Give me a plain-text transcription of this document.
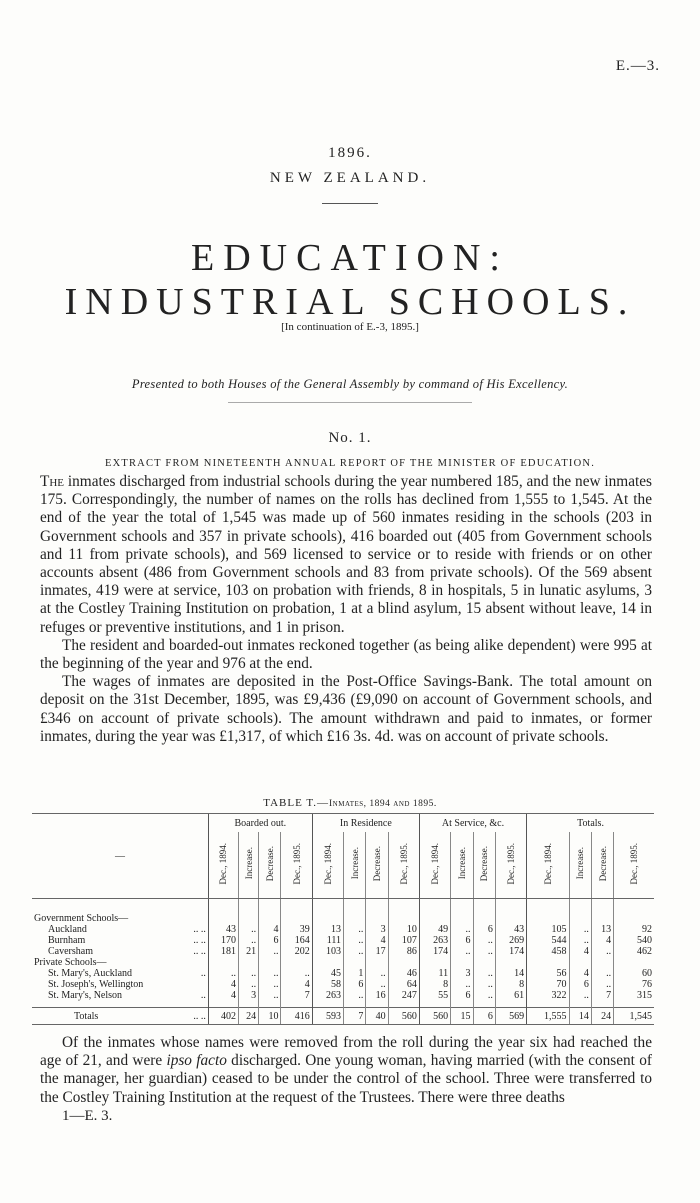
E.—3.
1896.
NEW ZEALAND.
EDUCATION:
INDUSTRIAL SCHOOLS.
[In continuation of E.-3, 1895.]
Presented to both Houses of the General Assembly by command of His Excellency.
No. 1.
EXTRACT FROM NINETEENTH ANNUAL REPORT OF THE MINISTER OF EDUCATION.

The inmates discharged from industrial schools during the year numbered 185, and the new inmates 175. Correspondingly, the number of names on the rolls has declined from 1,555 to 1,545. At the end of the year the total of 1,545 was made up of 560 inmates residing in the schools (203 in Government schools and 357 in private schools), 416 boarded out (405 from Government schools and 11 from private schools), and 569 licensed to service or to reside with friends or on other accounts absent (486 from Government schools and 83 from private schools). Of the 569 absent inmates, 419 were at service, 103 on probation with friends, 8 in hospitals, 5 in lunatic asylums, 3 at the Costley Training Institution on probation, 1 at a blind asylum, 15 absent without leave, 14 in refuges or preventive institutions, and 1 in prison.

The resident and boarded-out inmates reckoned together (as being alike dependent) were 995 at the beginning of the year and 976 at the end.

The wages of inmates are deposited in the Post-Office Savings-Bank. The total amount on deposit on the 31st December, 1895, was £9,436 (£9,090 on account of Government schools, and £346 on account of private schools). The amount withdrawn and paid to inmates, or former inmates, during the year was £1,317, of which £16 3s. 4d. was on account of private schools.

TABLE T.—Inmates, 1894 and 1895.
—	Boarded out.				In Residence				At Service, &c.				Totals.			
	Dec., 1894.	Increase.	Decrease.	Dec., 1895.	Dec., 1894.	Increase.	Decrease.	Dec., 1895.	Dec., 1894.	Increase.	Decrease.	Dec., 1895.	Dec., 1894.	Increase.	Decrease.	Dec., 1895.

Government Schools—																
Auckland .. ..	43	..	4	39	13	..	3	10	49	..	6	43	105	..	13	92
Burnham .. ..	170	..	6	164	111	..	4	107	263	6	..	269	544	..	4	540
Caversham .. ..	181	21	..	202	103	..	17	86	174	..	..	174	458	4	..	462
Private Schools—																
St. Mary's, Auckland ..	..	..	..	..	45	1	..	46	11	3	..	14	56	4	..	60
St. Joseph's, Wellington	4	..	..	4	58	6	..	64	8	..	..	8	70	6	..	76
St. Mary's, Nelson ..	4	3	..	7	263	..	16	247	55	6	..	61	322	..	7	315

Totals .. ..	402	24	10	416	593	7	40	560	560	15	6	569	1,555	14	24	1,545

Of the inmates whose names were removed from the roll during the year six had reached the age of 21, and were ipso facto discharged. One young woman, having married (with the consent of the manager, her guardian) ceased to be under the control of the school. Three were transferred to the Costley Training Institution at the request of the Trustees. There were three deaths

1—E. 3.
